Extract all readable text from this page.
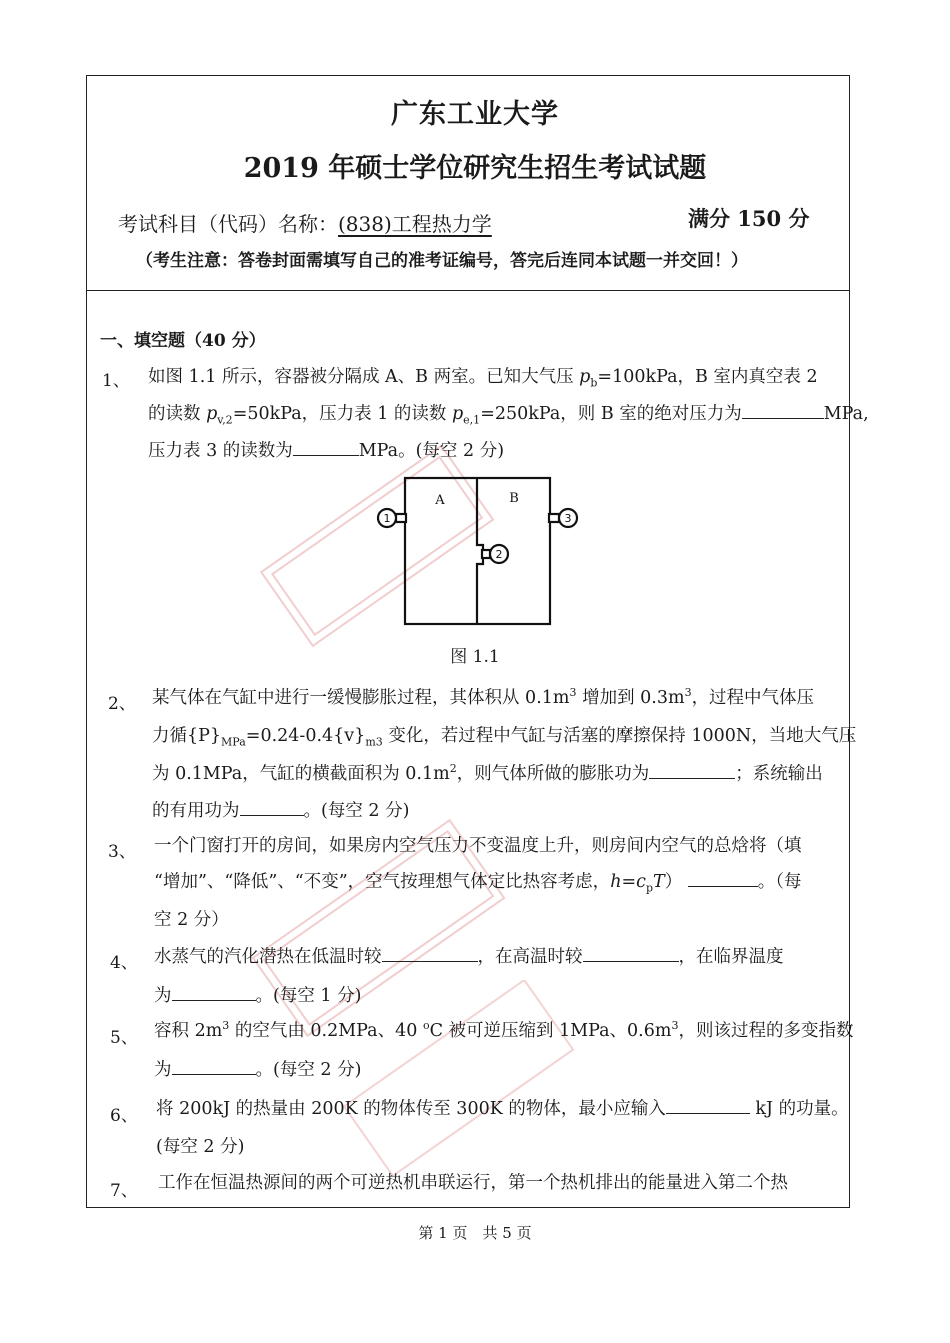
广东工业大学
2019 年硕士学位研究生招生考试试题
考试科目（代码）名称：(838)工程热力学	满分 150 分
（考生注意：答卷封面需填写自己的准考证编号，答完后连同本试题一并交回！）
一、填空题（40 分）
1、 如图 1.1 所示，容器被分隔成 A、B 两室。已知大气压 $p_b=100kPa$，B 室内真空表 2
的读数 $p_{v,2}=50kPa$，压力表 1 的读数 $p_{e,1}=250kPa$，则 B 室的绝对压力为	MPa,
压力表 3 的读数为	MPa。(每空 2 分)
A	B
1	3
2
图 1.1
2、 某气体在气缸中进行一缓慢膨胀过程，其体积从 $0.1m^3$ 增加到 $0.3m^3$，过程中气体压
力循$\{P\}_{MPa}=0.24-0.4\{v\}_{m3}$ 变化，若过程中气缸与活塞的摩擦保持 1000N，当地大气压
为 0.1MPa，气缸的横截面积为 $0.1m^2$，则气体所做的膨胀功为	；系统输出
的有用功为	。(每空 2 分)
3、 一个门窗打开的房间，如果房内空气压力不变温度上升，则房间内空气的总焓将（填
“增加”、“降低”、“不变”，空气按理想气体定比热容考虑，$h=c_pT$）	。（每
空 2 分）
4、 水蒸气的汽化潜热在低温时较	，在高温时较	，在临界温度
为	。(每空 1 分)
5、 容积 $2m^3$ 的空气由 0.2MPa、40 $^o$C 被可逆压缩到 1MPa、$0.6m^3$，则该过程的多变指数
为	。(每空 2 分)
6、 将 200kJ 的热量由 200K 的物体传至 300K 的物体，最小应输入	kJ 的功量。
(每空 2 分)
7、 工作在恒温热源间的两个可逆热机串联运行，第一个热机排出的能量进入第二个热
第 1 页　共 5 页
